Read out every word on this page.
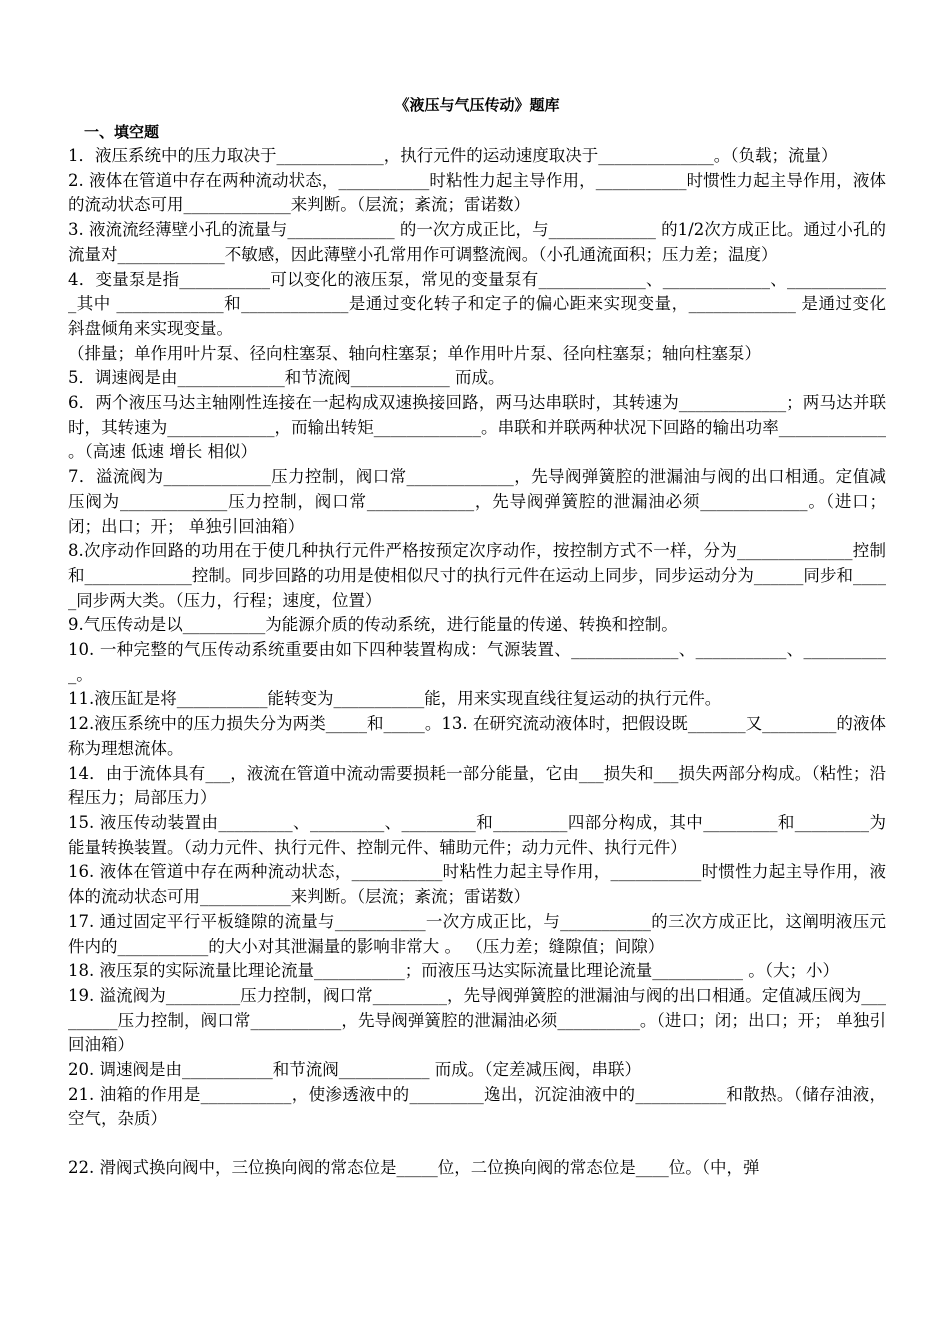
《液压与气压传动》题库
一、填空题
1．液压系统中的压力取决于_____________，执行元件的运动速度取决于______________。（负载；流量）
2. 液体在管道中存在两种流动状态，___________时粘性力起主导作用，___________时惯性力起主导作用，液体的流动状态可用_____________来判断。（层流；紊流；雷诺数）
3. 液流流经薄壁小孔的流量与_____________ 的一次方成正比，与_____________ 的1/2次方成正比。通过小孔的流量对_____________不敏感，因此薄壁小孔常用作可调整流阀。（小孔通流面积；压力差；温度）
4．变量泵是指___________可以变化的液压泵，常见的变量泵有_____________、_____________、_____________其中 _____________和_____________是通过变化转子和定子的偏心距来实现变量，_____________ 是通过变化斜盘倾角来实现变量。
（排量；单作用叶片泵、径向柱塞泵、轴向柱塞泵；单作用叶片泵、径向柱塞泵；轴向柱塞泵）
5．调速阀是由_____________和节流阀____________ 而成。
6．两个液压马达主轴刚性连接在一起构成双速换接回路，两马达串联时，其转速为_____________；两马达并联时，其转速为_____________，而输出转矩_____________。串联和并联两种状况下回路的输出功率_____________ 。（高速 低速 增长 相似）
7．溢流阀为_____________压力控制，阀口常_____________，先导阀弹簧腔的泄漏油与阀的出口相通。定值减压阀为_____________压力控制，阀口常_____________，先导阀弹簧腔的泄漏油必须_____________。（进口；闭；出口；开； 单独引回油箱）
8.次序动作回路的功用在于使几种执行元件严格按预定次序动作，按控制方式不一样，分为______________控制和_____________控制。同步回路的功用是使相似尺寸的执行元件在运动上同步，同步运动分为______同步和_____同步两大类。（压力，行程；速度，位置）
9.气压传动是以__________为能源介质的传动系统，进行能量的传递、转换和控制。
10. 一种完整的气压传动系统重要由如下四种装置构成：气源装置、_____________、___________、___________。
11.液压缸是将___________能转变为___________能，用来实现直线往复运动的执行元件。
12.液压系统中的压力损失分为两类_____和_____。13. 在研究流动液体时，把假设既_______又_________的液体称为理想流体。
14．由于流体具有___，液流在管道中流动需要损耗一部分能量，它由___损失和___损失两部分构成。（粘性；沿程压力；局部压力）
15. 液压传动装置由_________、_________、_________和_________四部分构成，其中_________和_________为能量转换装置。（动力元件、执行元件、控制元件、辅助元件；动力元件、执行元件）
16. 液体在管道中存在两种流动状态，___________时粘性力起主导作用，___________时惯性力起主导作用，液体的流动状态可用___________来判断。（层流；紊流；雷诺数）
17. 通过固定平行平板缝隙的流量与___________一次方成正比，与___________的三次方成正比，这阐明液压元件内的___________的大小对其泄漏量的影响非常大 。 （压力差；缝隙值；间隙）
18. 液压泵的实际流量比理论流量___________；而液压马达实际流量比理论流量___________ 。（大；小）
19. 溢流阀为_________压力控制，阀口常_________，先导阀弹簧腔的泄漏油与阀的出口相通。定值减压阀为_________压力控制，阀口常___________，先导阀弹簧腔的泄漏油必须__________。（进口；闭；出口；开； 单独引回油箱）
20. 调速阀是由___________和节流阀___________ 而成。（定差减压阀，串联）
21. 油箱的作用是___________，使渗透液中的_________逸出，沉淀油液中的___________和散热。（储存油液，空气，杂质）
22. 滑阀式换向阀中，三位换向阀的常态位是_____位，二位换向阀的常态位是____位。（中，弹
